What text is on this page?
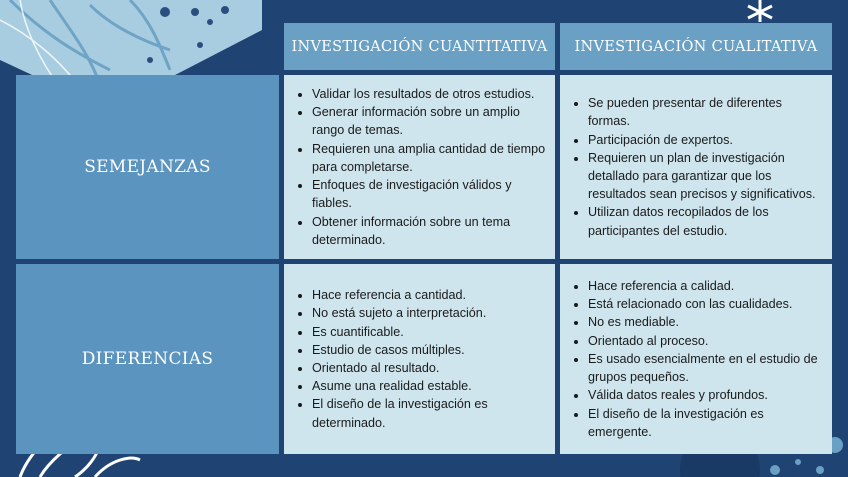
INVESTIGACIÓN CUANTITATIVA INVESTIGACIÓN CUALITATIVA
SEMEJANZAS
DIFERENCIAS
• Validar los resultados de otros estudios.
• Generar información sobre un amplio rango de temas.
• Requieren una amplia cantidad de tiempo para completarse.
• Enfoques de investigación válidos y fiables.
• Obtener información sobre un tema determinado.
• Se pueden presentar de diferentes formas.
• Participación de expertos.
• Requieren un plan de investigación detallado para garantizar que los resultados sean precisos y significativos.
• Utilizan datos recopilados de los participantes del estudio.
• Hace referencia a cantidad.
• No está sujeto a interpretación.
• Es cuantificable.
• Estudio de casos múltiples.
• Orientado al resultado.
• Asume una realidad estable.
• El diseño de la investigación es determinado.
• Hace referencia a calidad.
• Está relacionado con las cualidades.
• No es mediable.
• Orientado al proceso.
• Es usado esencialmente en el estudio de grupos pequeños.
• Válida datos reales y profundos.
• El diseño de la investigación es emergente.
